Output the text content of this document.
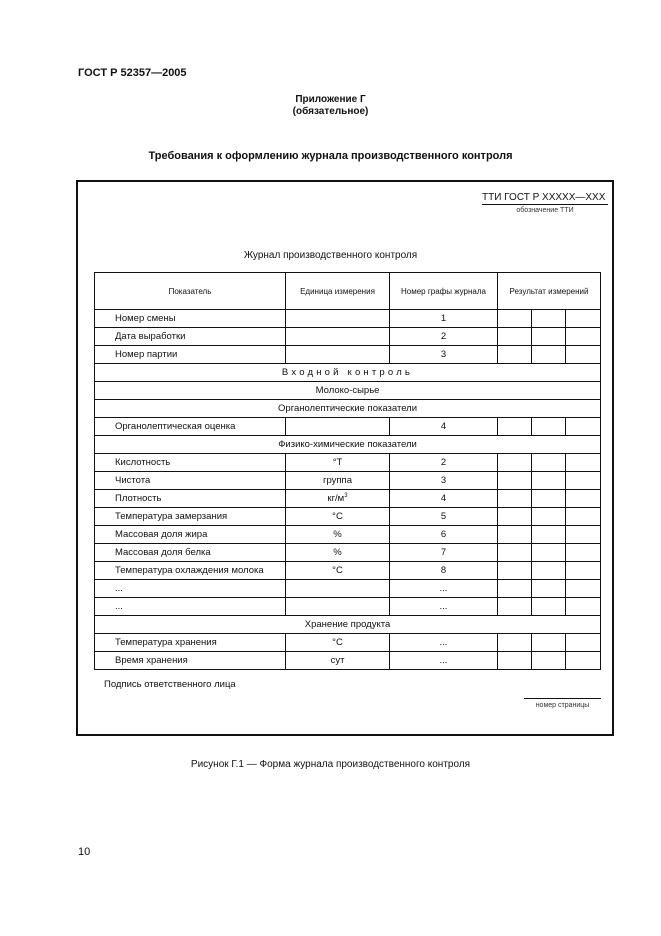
ГОСТ Р 52357—2005
Приложение Г
(обязательное)
Требования к оформлению журнала производственного контроля
ТТИ ГОСТ Р XXXXX—XXX
обозначение ТТИ
Журнал производственного контроля
Показатель	Единица измерения	Номер графы журнала	Результат измерений		
Номер смены		1			
Дата выработки		2			
Номер партии		3			
Входной контроль					
Молоко-сырье					
Органолептические показатели					
Органолептическая оценка		4			
Физико-химические показатели					
Кислотность	°T	2			
Чистота	группа	3			
Плотность	$кг/м^3$	4			
Температура замерзания	°С	5			
Массовая доля жира	%	6			
Массовая доля белка	%	7			
Температура охлаждения молока	°С	8			
...		...			
...		...			
Хранение продукта					
Температура хранения	°С	...			
Время хранения	сут	...			
Подпись ответственного лица
номер страницы
Рисунок Г.1 — Форма журнала производственного контроля
10
